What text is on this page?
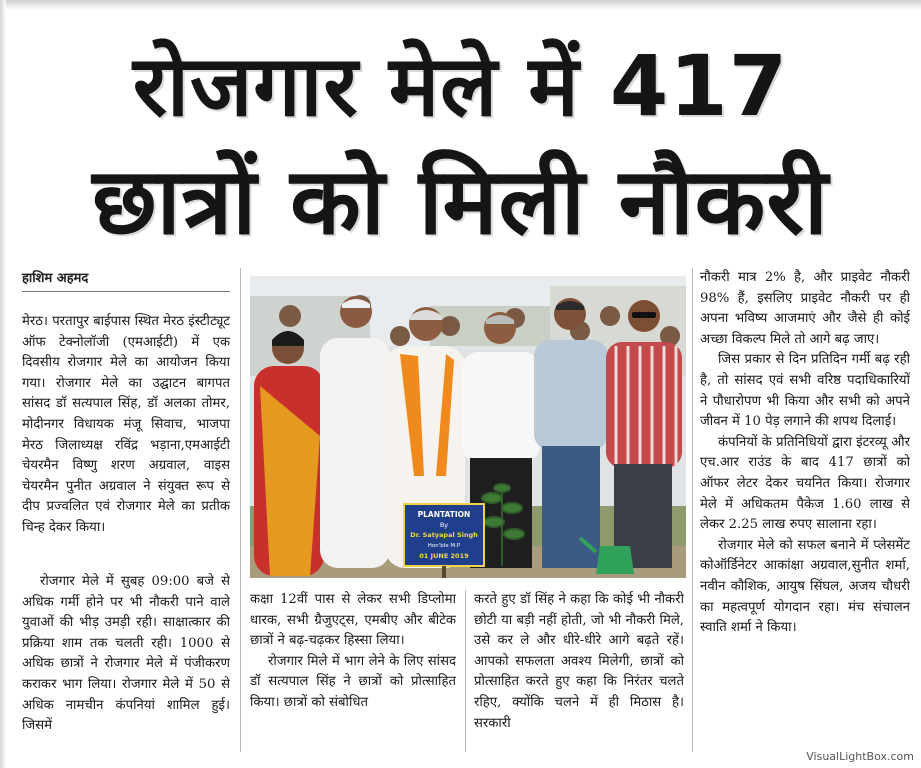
रोजगार मेले में 417
छात्रों को मिली नौकरी
हाशिम अहमद

मेरठ। परतापुर बाईपास स्थित मेरठ इंस्टीट्यूट ऑफ टेक्नोलॉजी (एमआईटी) में एक दिवसीय रोजगार मेले का आयोजन किया गया। रोजगार मेले का उद्घाटन बागपत सांसद डॉ सत्यपाल सिंह, डॉ अलका तोमर, मोदीनगर विधायक मंजू सिवाच, भाजपा मेरठ जिलाध्यक्ष रविंद्र भड़ाना,एमआईटी चेयरमैन विष्णु शरण अग्रवाल, वाइस चेयरमैन पुनीत अग्रवाल ने संयुक्त रूप से दीप प्रज्वलित एवं रोजगार मेले का प्रतीक चिन्ह देकर किया।

रोजगार मेले में सुबह 09:00 बजे से अधिक गर्मी होने पर भी नौकरी पाने वाले युवाओं की भीड़ उमड़ी रही। साक्षात्कार की प्रक्रिया शाम तक चलती रही। 1000 से अधिक छात्रों ने रोजगार मेले में पंजीकरण कराकर भाग लिया। रोजगार मेले में 50 से अधिक नामचीन कंपनियां शामिल हुई। जिसमें

PLANTATION
By
Dr. Satyapal Singh
Hon'ble M.P
01 JUNE 2019

कक्षा 12वीं पास से लेकर सभी डिप्लोमा धारक, सभी ग्रैजुएट्स, एमबीए और बीटेक छात्रों ने बढ़-चढ़कर हिस्सा लिया।

रोजगार मिले में भाग लेने के लिए सांसद डॉ सत्यपाल सिंह ने छात्रों को प्रोत्साहित किया। छात्रों को संबोधित

करते हुए डॉ सिंह ने कहा कि कोई भी नौकरी छोटी या बड़ी नहीं होती, जो भी नौकरी मिले, उसे कर ले और धीरे-धीरे आगे बढ़ते रहें। आपको सफलता अवश्य मिलेगी, छात्रों को प्रोत्साहित करते हुए कहा कि निरंतर चलते रहिए, क्योंकि चलने में ही मिठास है। सरकारी

नौकरी मात्र 2% है, और प्राइवेट नौकरी 98% हैं, इसलिए प्राइवेट नौकरी पर ही अपना भविष्य आजमाएं और जैसे ही कोई अच्छा विकल्प मिले तो आगे बढ़ जाए।

जिस प्रकार से दिन प्रतिदिन गर्मी बढ़ रही है, तो सांसद एवं सभी वरिष्ठ पदाधिकारियों ने पौधारोपण भी किया और सभी को अपने जीवन में 10 पेड़ लगाने की शपथ दिलाई।

कंपनियों के प्रतिनिधियों द्वारा इंटरव्यू और एच.आर राउंड के बाद 417 छात्रों को ऑफर लेटर देकर चयनित किया। रोजगार मेले में अधिकतम पैकेज 1.60 लाख से लेकर 2.25 लाख रुपए सालाना रहा।

रोजगार मेले को सफल बनाने में प्लेसमेंट कोऑर्डिनेटर आकांक्षा अग्रवाल,सुनीत शर्मा, नवीन कौशिक, आयुष सिंघल, अजय चौधरी का महत्वपूर्ण योगदान रहा। मंच संचालन स्वाति शर्मा ने किया।

VisualLightBox.com
